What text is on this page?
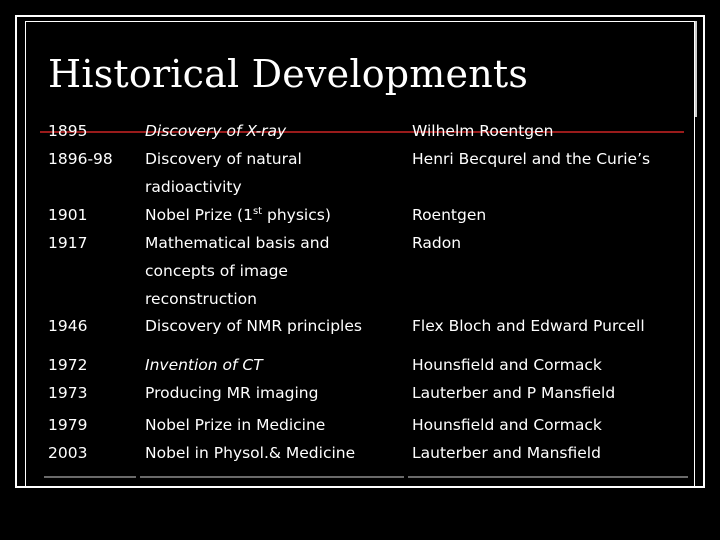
Historical Developments
1895
1896-98
1901
1917
1946
1972
1973
1979
2003
Discovery of X-ray
Discovery of natural
radioactivity
Nobel Prize (1st physics)
Mathematical basis and
concepts of image
reconstruction
Discovery of NMR principles
Invention of CT
Producing MR imaging
Nobel Prize in Medicine
Nobel in Physol.& Medicine
Wilhelm Roentgen
Henri Becqurel and the Curie’s
Roentgen
Radon
Flex Bloch and Edward Purcell
Hounsfield and Cormack
Lauterber and P Mansfield
Hounsfield and Cormack
Lauterber and Mansfield
